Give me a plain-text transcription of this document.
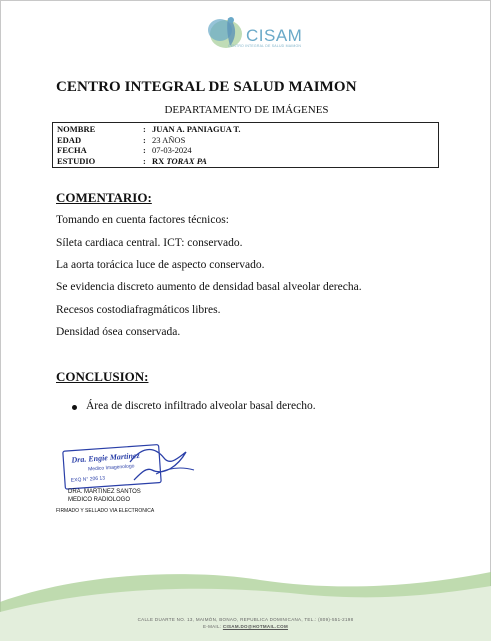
CISAM
CENTRO INTEGRAL DE SALUD MAIMON
CENTRO INTEGRAL DE SALUD MAIMON
DEPARTAMENTO DE IMÁGENES
NOMBRE	: JUAN A. PANIAGUA T.
EDAD	: 23 AÑOS
FECHA	: 07-03-2024
ESTUDIO	: RX TORAX PA
COMENTARIO:
Tomando en cuenta factores técnicos:
Síleta cardiaca central. ICT: conservado.
La aorta torácica luce de aspecto conservado.
Se evidencia discreto aumento de densidad basal alveolar derecha.
Recesos costodiafragmáticos libres.
Densidad ósea conservada.
CONCLUSION:
Área de discreto infiltrado alveolar basal derecho.
Dra. Engie Martinez
Medico Imagenologo
EXQ N° 206 13
DRA. MARTINEZ SANTOS
MEDICO RADIOLOGO
FIRMADO Y SELLADO VIA ELECTRONICA
CALLE DUARTE NO. 13, MAIMÓN, BONAO, REPUBLICA DOMINICANA, TEL.: (809)-551-2198
E-MAIL: CISAM.DO@HOTMAIL.COM
